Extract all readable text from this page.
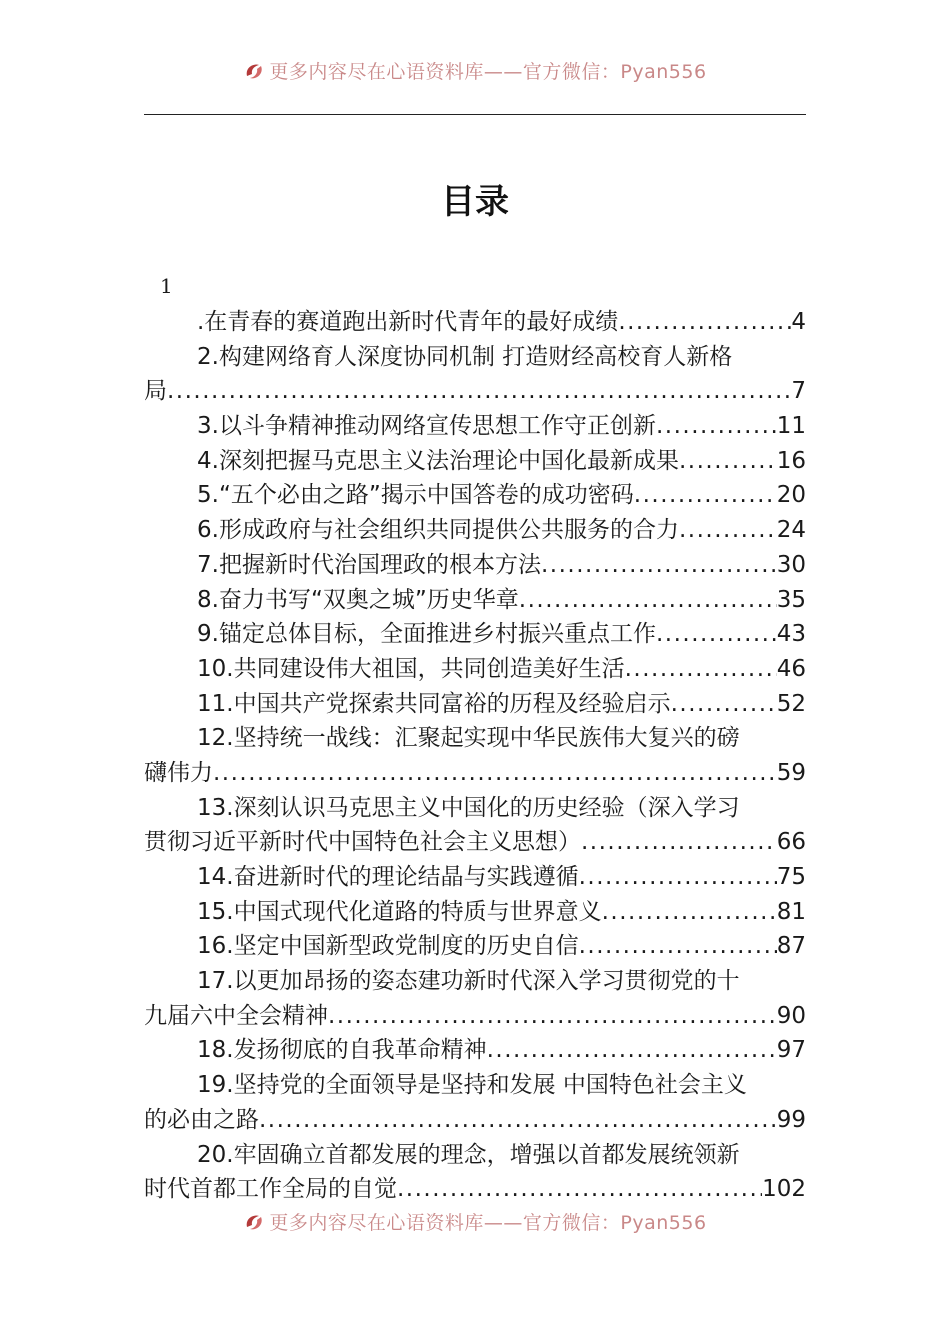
更多内容尽在心语资料库——官方微信：Pyan556
目录
1
.在青春的赛道跑出新时代青年的最好成绩 .....	4
2.构建网络育人深度协同机制 打造财经高校育人新格
局 .....	7
3.以斗争精神推动网络宣传思想工作守正创新 .....	11
4.深刻把握马克思主义法治理论中国化最新成果 .....	16
5.“五个必由之路”揭示中国答卷的成功密码 .....	20
6.形成政府与社会组织共同提供公共服务的合力 .....	24
7.把握新时代治国理政的根本方法 .....	30
8.奋力书写“双奥之城”历史华章 .....	35
9.锚定总体目标，全面推进乡村振兴重点工作 .....	43
10.共同建设伟大祖国，共同创造美好生活 .....	46
11.中国共产党探索共同富裕的历程及经验启示 .....	52
12.坚持统一战线：汇聚起实现中华民族伟大复兴的磅
礴伟力 .....	59
13.深刻认识马克思主义中国化的历史经验（深入学习
贯彻习近平新时代中国特色社会主义思想） .....	66
14.奋进新时代的理论结晶与实践遵循 .....	75
15.中国式现代化道路的特质与世界意义 .....	81
16.坚定中国新型政党制度的历史自信 .....	87
17.以更加昂扬的姿态建功新时代深入学习贯彻党的十
九届六中全会精神 .....	90
18.发扬彻底的自我革命精神 .....	97
19.坚持党的全面领导是坚持和发展 中国特色社会主义
的必由之路 .....	99
20.牢固确立首都发展的理念，增强以首都发展统领新
时代首都工作全局的自觉 .....	102
更多内容尽在心语资料库——官方微信：Pyan556
